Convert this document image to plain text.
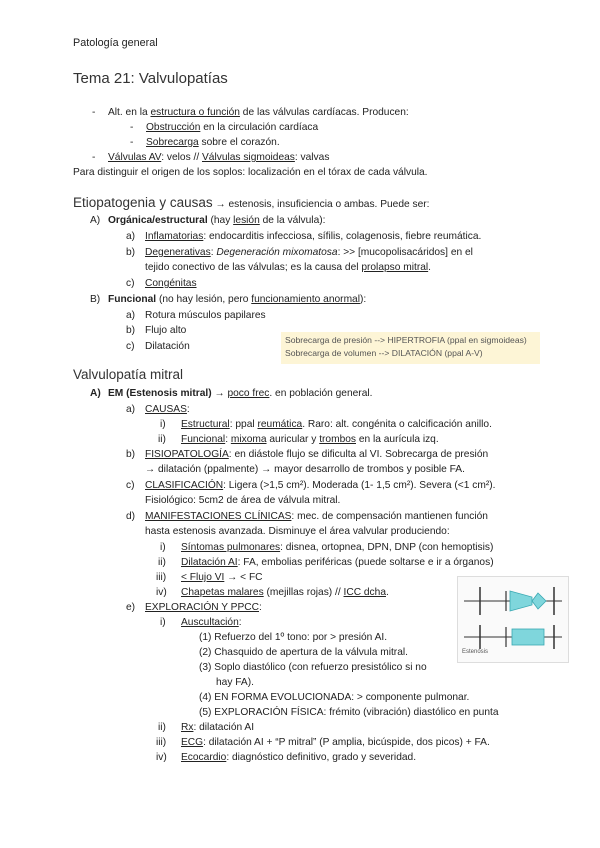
Patología general
Tema 21: Valvulopatías
- Alt. en la estructura o función de las válvulas cardíacas. Producen:
- Obstrucción en la circulación cardíaca
- Sobrecarga sobre el corazón.
- Válvulas AV: velos // Válvulas sigmoideas: valvas
Para distinguir el origen de los soplos: localización en el tórax de cada válvula.
Etiopatogenia y causas → estenosis, insuficiencia o ambas. Puede ser:
A) Orgánica/estructural (hay lesión de la válvula):
a) Inflamatorias: endocarditis infecciosa, sífilis, colagenosis, fiebre reumática.
b) Degenerativas: Degeneración mixomatosa: >> [mucopolisacáridos] en el
tejido conectivo de las válvulas; es la causa del prolapso mitral.
c) Congénitas
B) Funcional (no hay lesión, pero funcionamiento anormal):
a) Rotura músculos papilares
b) Flujo alto
c) Dilatación
Sobrecarga de presión --> HIPERTROFIA (ppal en sigmoideas)
Sobrecarga de volumen --> DILATACIÓN (ppal A-V)
Valvulopatía mitral
A) EM (Estenosis mitral) → poco frec. en población general.
a) CAUSAS:
i) Estructural: ppal reumática. Raro: alt. congénita o calcificación anillo.
ii) Funcional: mixoma auricular y trombos en la aurícula izq.
b) FISIOPATOLOGÍA: en diástole flujo se dificulta al VI. Sobrecarga de presión
→ dilatación (ppalmente) → mayor desarrollo de trombos y posible FA.
c) CLASIFICACIÓN: Ligera (>1,5 cm²). Moderada (1- 1,5 cm²). Severa (<1 cm²).
Fisiológico: 5cm2 de área de válvula mitral.
d) MANIFESTACIONES CLÍNICAS: mec. de compensación mantienen función
hasta estenosis avanzada. Disminuye el área valvular produciendo:
i) Síntomas pulmonares: disnea, ortopnea, DPN, DNP (con hemoptisis)
ii) Dilatación AI: FA, embolias periféricas (puede soltarse e ir a órganos)
iii) < Flujo VI → < FC
iv) Chapetas malares (mejillas rojas) // ICC dcha.
e) EXPLORACIÓN Y PPCC:
i) Auscultación:
(1) Refuerzo del 1º tono: por > presión AI.
(2) Chasquido de apertura de la válvula mitral.
(3) Soplo diastólico (con refuerzo presistólico si no
hay FA).
(4) EN FORMA EVOLUCIONADA: > componente pulmonar.
(5) EXPLORACIÓN FÍSICA: frémito (vibración) diastólico en punta
ii) Rx: dilatación AI
iii) ECG: dilatación AI + “P mitral” (P amplia, bicúspide, dos picos) + FA.
iv) Ecocardio: diagnóstico definitivo, grado y severidad.
Estenosis
